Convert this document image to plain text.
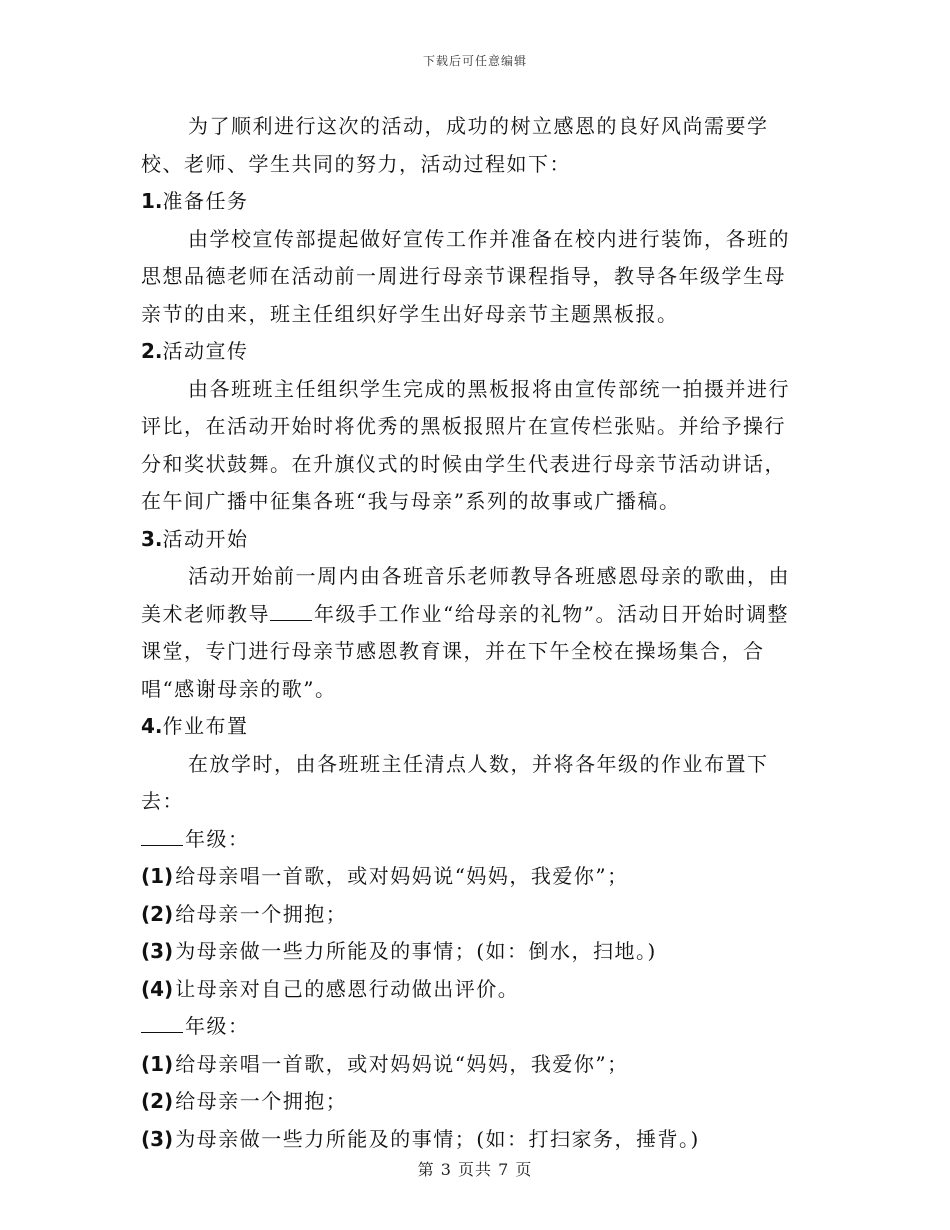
下载后可任意编辑

为了顺利进行这次的活动，成功的树立感恩的良好风尚需要学校、老师、学生共同的努力，活动过程如下：

1.准备任务

由学校宣传部提起做好宣传工作并准备在校内进行装饰，各班的思想品德老师在活动前一周进行母亲节课程指导，教导各年级学生母亲节的由来，班主任组织好学生出好母亲节主题黑板报。

2.活动宣传

由各班班主任组织学生完成的黑板报将由宣传部统一拍摄并进行评比，在活动开始时将优秀的黑板报照片在宣传栏张贴。并给予操行分和奖状鼓舞。在升旗仪式的时候由学生代表进行母亲节活动讲话，在午间广播中征集各班“我与母亲”系列的故事或广播稿。

3.活动开始

活动开始前一周内由各班音乐老师教导各班感恩母亲的歌曲，由美术老师教导 年级手工作业“给母亲的礼物”。活动日开始时调整课堂，专门进行母亲节感恩教育课，并在下午全校在操场集合，合唱“感谢母亲的歌”。

4.作业布置

在放学时，由各班班主任清点人数，并将各年级的作业布置下去：

年级：

(1) 给母亲唱一首歌，或对妈妈说“妈妈，我爱你”；

(2) 给母亲一个拥抱；

(3) 为母亲做一些力所能及的事情；(如：倒水，扫地。)

(4) 让母亲对自己的感恩行动做出评价。

年级：

(1) 给母亲唱一首歌，或对妈妈说“妈妈，我爱你”；

(2) 给母亲一个拥抱；

(3) 为母亲做一些力所能及的事情；(如：打扫家务，捶背。)

第 3 页共 7 页
